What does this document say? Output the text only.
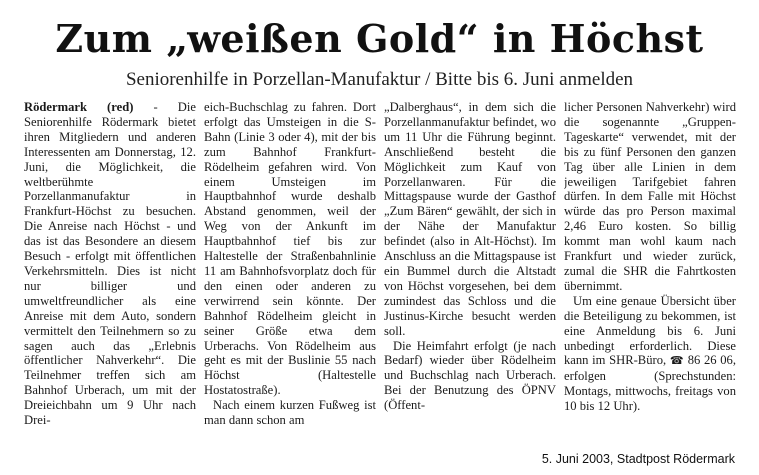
Zum „weißen Gold“ in Höchst
Seniorenhilfe in Porzellan-Manufaktur / Bitte bis 6. Juni anmelden

Rödermark (red) - Die Seniorenhilfe Rödermark bietet ihren Mitgliedern und anderen Interessenten am Donnerstag, 12. Juni, die Möglichkeit, die weltberühmte Porzellanmanufaktur in Frankfurt-Höchst zu besuchen. Die Anreise nach Höchst - und das ist das Besondere an diesem Besuch - erfolgt mit öffentlichen Verkehrsmitteln. Dies ist nicht nur billiger und umweltfreundlicher als eine Anreise mit dem Auto, sondern vermittelt den Teilnehmern so zu sagen auch das „Erlebnis öffentlicher Nahverkehr“. Die Teilnehmer treffen sich am Bahnhof Urberach, um mit der Dreieichbahn um 9 Uhr nach Drei-

eich-Buchschlag zu fahren. Dort erfolgt das Umsteigen in die S-Bahn (Linie 3 oder 4), mit der bis zum Bahnhof Frankfurt-Rödelheim gefahren wird. Von einem Umsteigen im Hauptbahnhof wurde deshalb Abstand genommen, weil der Weg von der Ankunft im Hauptbahnhof tief bis zur Haltestelle der Straßenbahnlinie 11 am Bahnhofsvorplatz doch für den einen oder anderen zu verwirrend sein könnte. Der Bahnhof Rödelheim gleicht in seiner Größe etwa dem Urberachs. Von Rödelheim aus geht es mit der Buslinie 55 nach Höchst (Haltestelle Hostatostraße).

Nach einem kurzen Fußweg ist man dann schon am

„Dalberghaus“, in dem sich die Porzellanmanufaktur befindet, wo um 11 Uhr die Führung beginnt. Anschließend besteht die Möglichkeit zum Kauf von Porzellanwaren. Für die Mittagspause wurde der Gasthof „Zum Bären“ gewählt, der sich in der Nähe der Manufaktur befindet (also in Alt-Höchst). Im Anschluss an die Mittagspause ist ein Bummel durch die Altstadt von Höchst vorgesehen, bei dem zumindest das Schloss und die Justinus-Kirche besucht werden soll.

Die Heimfahrt erfolgt (je nach Bedarf) wieder über Rödelheim und Buchschlag nach Urberach. Bei der Benutzung des ÖPNV (Öffent-

licher Personen Nahverkehr) wird die sogenannte „Gruppen-Tageskarte“ verwendet, mit der bis zu fünf Personen den ganzen Tag über alle Linien in dem jeweiligen Tarifgebiet fahren dürfen. In dem Falle mit Höchst würde das pro Person maximal 2,46 Euro kosten. So billig kommt man wohl kaum nach Frankfurt und wieder zurück, zumal die SHR die Fahrtkosten übernimmt.

Um eine genaue Übersicht über die Beteiligung zu bekommen, ist eine Anmeldung bis 6. Juni unbedingt erforderlich. Diese kann im SHR-Büro, ☎ 86 26 06, erfolgen (Sprechstunden: Montags, mittwochs, freitags von 10 bis 12 Uhr).

5. Juni 2003, Stadtpost Rödermark
